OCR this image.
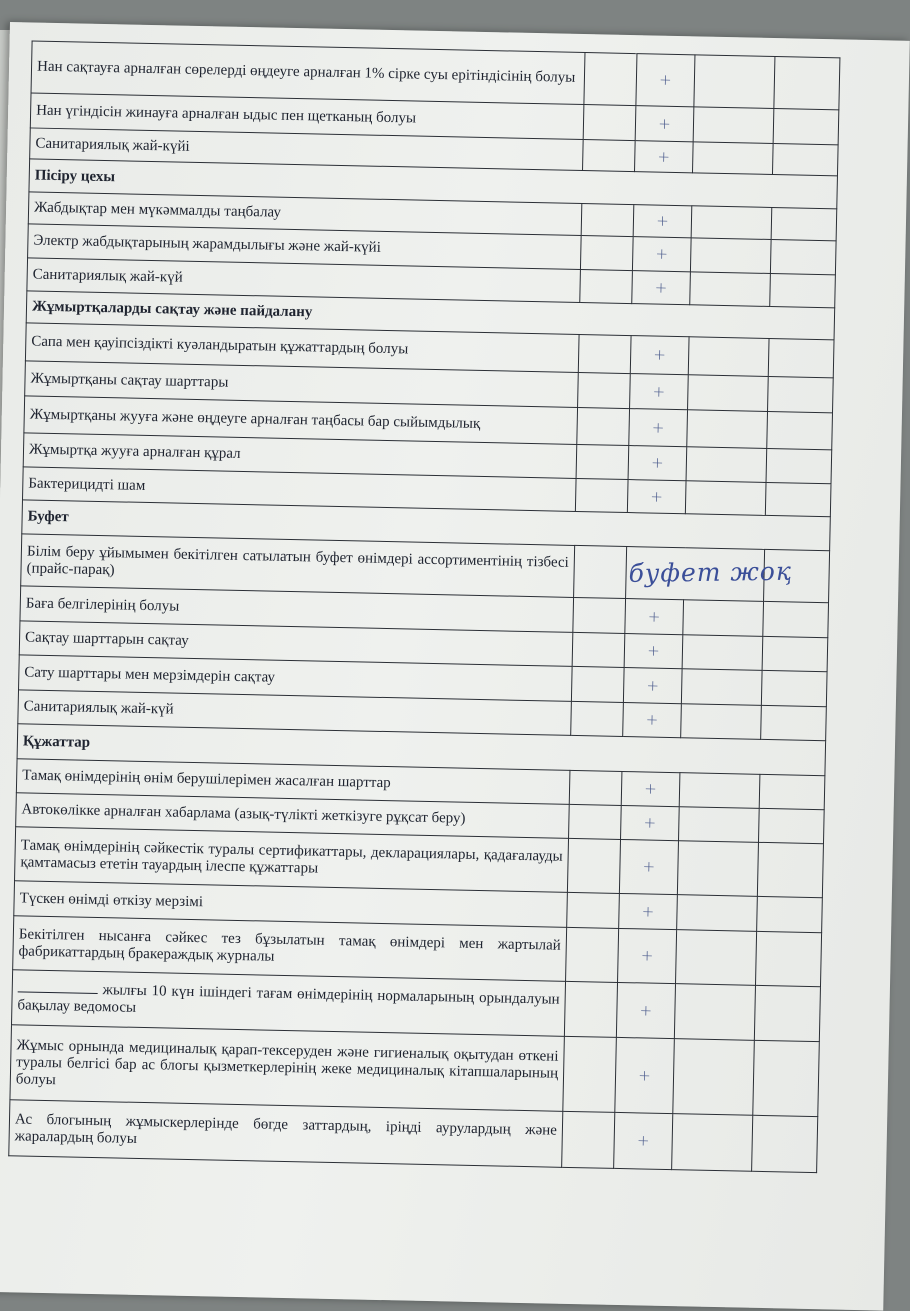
Нан сақтауға арналған сөрелерді өңдеуге арналған 1% сірке суы ерітіндісінің болуы		+		
Нан үгіндісін жинауға арналған ыдыс пен щетканың болуы		+		
Санитариялық жай-күйі		+		
Пісіру цехы				
Жабдықтар мен мүкəммалды таңбалау		+		
Электр жабдықтарының жарамдылығы жəне жай-күйі		+		
Санитариялық жай-күй		+		
Жұмыртқаларды сақтау және пайдалану				
Сапа мен қауіпсіздікті куәландыратын құжаттардың болуы		+		
Жұмыртқаны сақтау шарттары		+		
Жұмыртқаны жууға және өңдеуге арналған таңбасы бар сыйымдылық		+		
Жұмыртқа жууға арналған құрал		+		
Бактерицидті шам		+		
Буфет				
Білім беру ұйымымен бекітілген сатылатын буфет өнімдері ассортиментінің тізбесі (прайс-парақ)		буфет жоқ		
Баға белгілерінің болуы		+		
Сақтау шарттарын сақтау		+		
Сату шарттары мен мерзімдерін сақтау		+		
Санитариялық жай-күй		+		
Құжаттар				
Тамақ өнімдерінің өнім берушілерімен жасалған шарттар		+		
Автокөлікке арналған хабарлама (азық-түлікті жеткізуге рұқсат беру)		+		
Тамақ өнімдерінің сәйкестік туралы сертификаттары, декларациялары, қадағалауды қамтамасыз ететін тауардың ілеспе құжаттары		+		
Түскен өнімді өткізу мерзімі		+		
Бекітілген нысанға сәйкес тез бұзылатын тамақ өнімдері мен жартылай фабрикаттардың бракераждық журналы		+		
жылғы 10 күн ішіндегі тағам өнімдерінің нормаларының орындалуын бақылау ведомосы		+		
Жұмыс орнында медициналық қарап-тексеруден және гигиеналық оқытудан өткені туралы белгісі бар ас блогы қызметкерлерінің жеке медициналық кітапшаларының болуы		+		
Ас блогының жұмыскерлерінде бөгде заттардың, іріңді аурулардың және жаралардың болуы		+		
